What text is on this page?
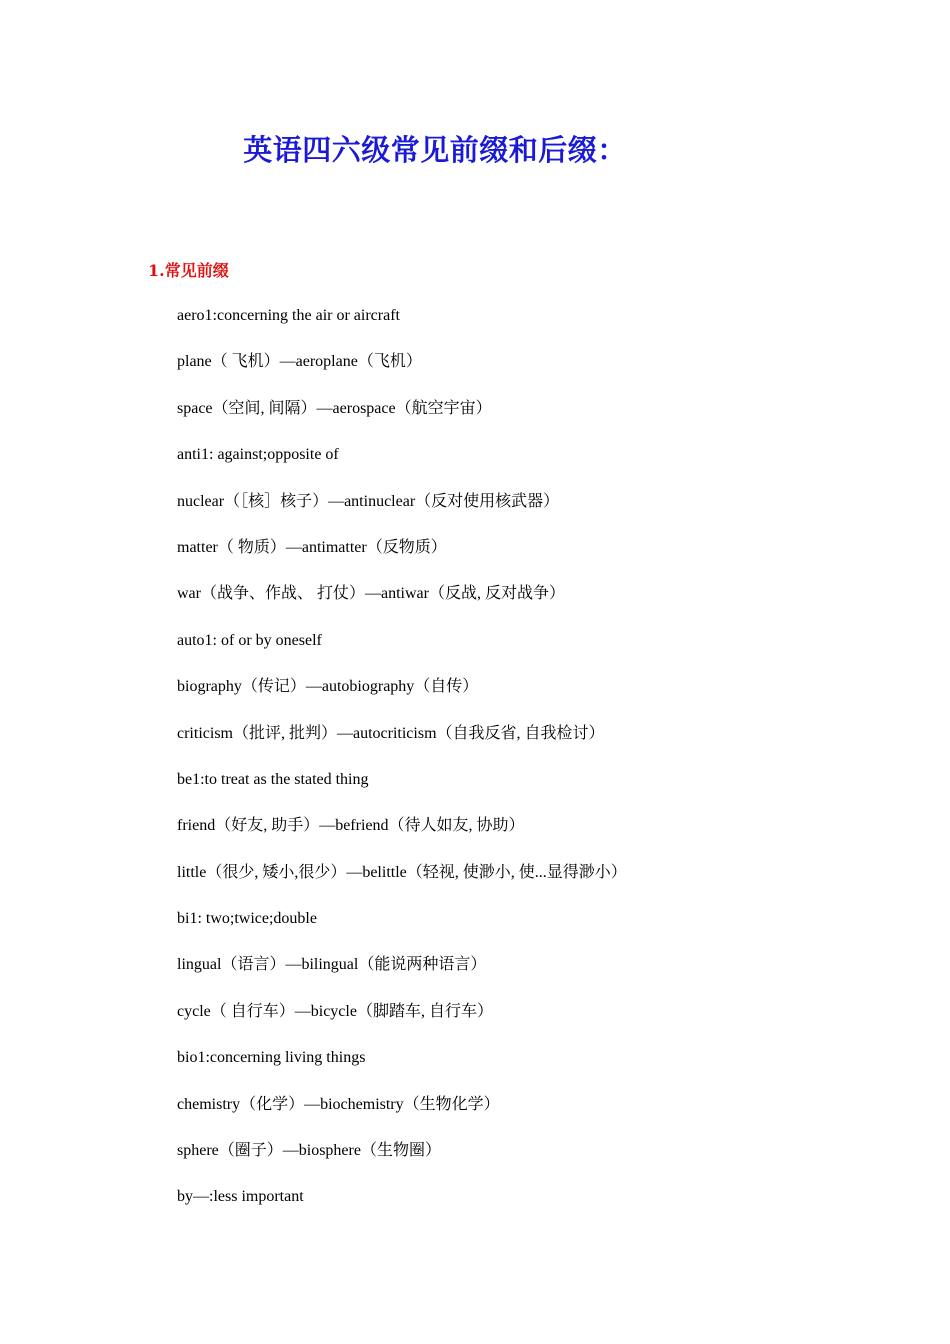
英语四六级常见前缀和后缀：
1.常见前缀
aero1:concerning the air or aircraft
plane（ 飞机）—aeroplane（飞机）
space（空间, 间隔）—aerospace（航空宇宙）
anti1: against;opposite of
nuclear（［核］核子）—antinuclear（反对使用核武器）
matter（ 物质）—antimatter（反物质）
war（战争、作战、 打仗）—antiwar（反战, 反对战争）
auto1: of or by oneself
biography（传记）—autobiography（自传）
criticism（批评, 批判）—autocriticism（自我反省, 自我检讨）
be1:to treat as the stated thing
friend（好友, 助手）—befriend（待人如友, 协助）
little（很少, 矮小,很少）—belittle（轻视, 使渺小, 使...显得渺小）
bi1: two;twice;double
lingual（语言）—bilingual（能说两种语言）
cycle（ 自行车）—bicycle（脚踏车, 自行车）
bio1:concerning living things
chemistry（化学）—biochemistry（生物化学）
sphere（圈子）—biosphere（生物圈）
by—:less important
